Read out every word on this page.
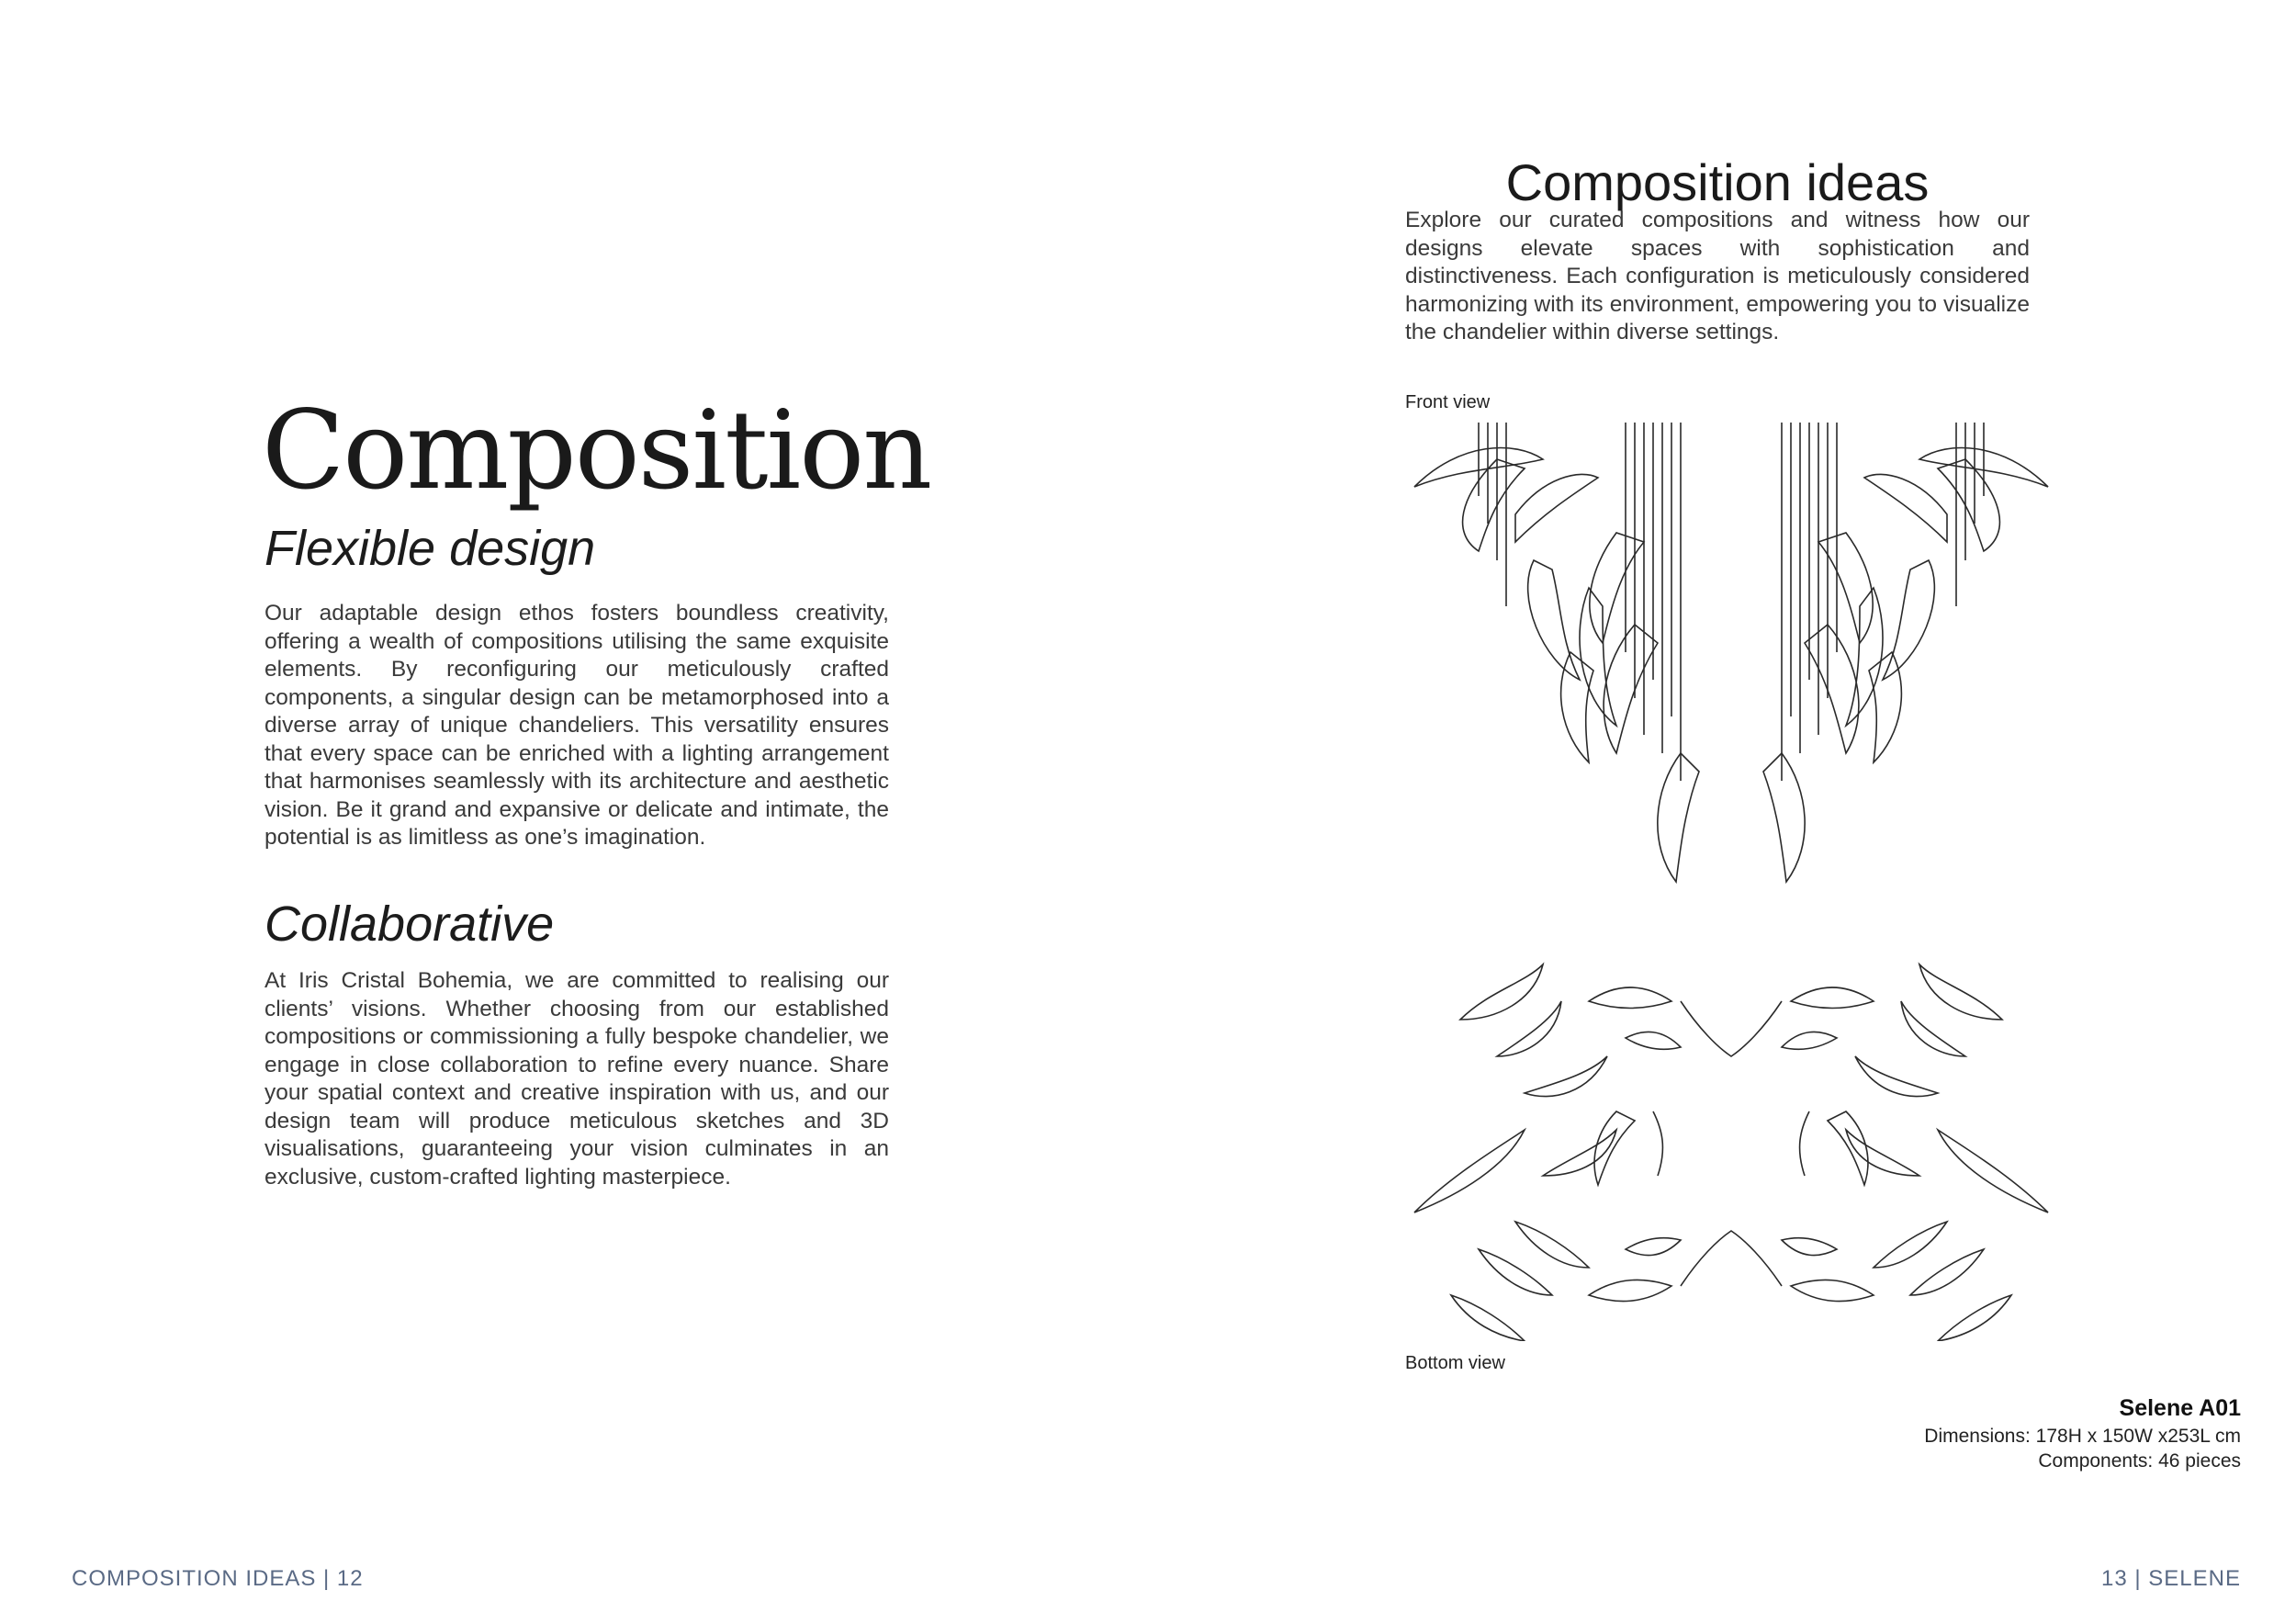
Composition
Flexible design

Our adaptable design ethos fosters boundless creativity, offering a wealth of compositions utilising the same exquisite elements. By reconfiguring our meticulously crafted components, a singular design can be metamorphosed into a diverse array of unique chandeliers. This versatility ensures that every space can be enriched with a lighting arrangement that harmonises seamlessly with its architecture and aesthetic vision. Be it grand and expansive or delicate and intimate, the potential is as limitless as one’s imagination.

Collaborative

At Iris Cristal Bohemia, we are committed to realising our clients’ visions. Whether choosing from our established compositions or commissioning a fully bespoke chandelier, we engage in close collaboration to refine every nuance. Share your spatial context and creative inspiration with us, and our design team will produce meticulous sketches and 3D visualisations, guaranteeing your vision culminates in an exclusive, custom-crafted lighting masterpiece.

COMPOSITION IDEAS | 12
Composition ideas

Explore our curated compositions and witness how our designs elevate spaces with sophistication and distinctiveness. Each configuration is meticulously considered harmonizing with its environment, empowering you to visualize the chandelier within diverse settings.

Front view
Bottom view
Selene A01
Dimensions: 178H x 150W x253L cm
Components: 46 pieces
13 | SELENE
